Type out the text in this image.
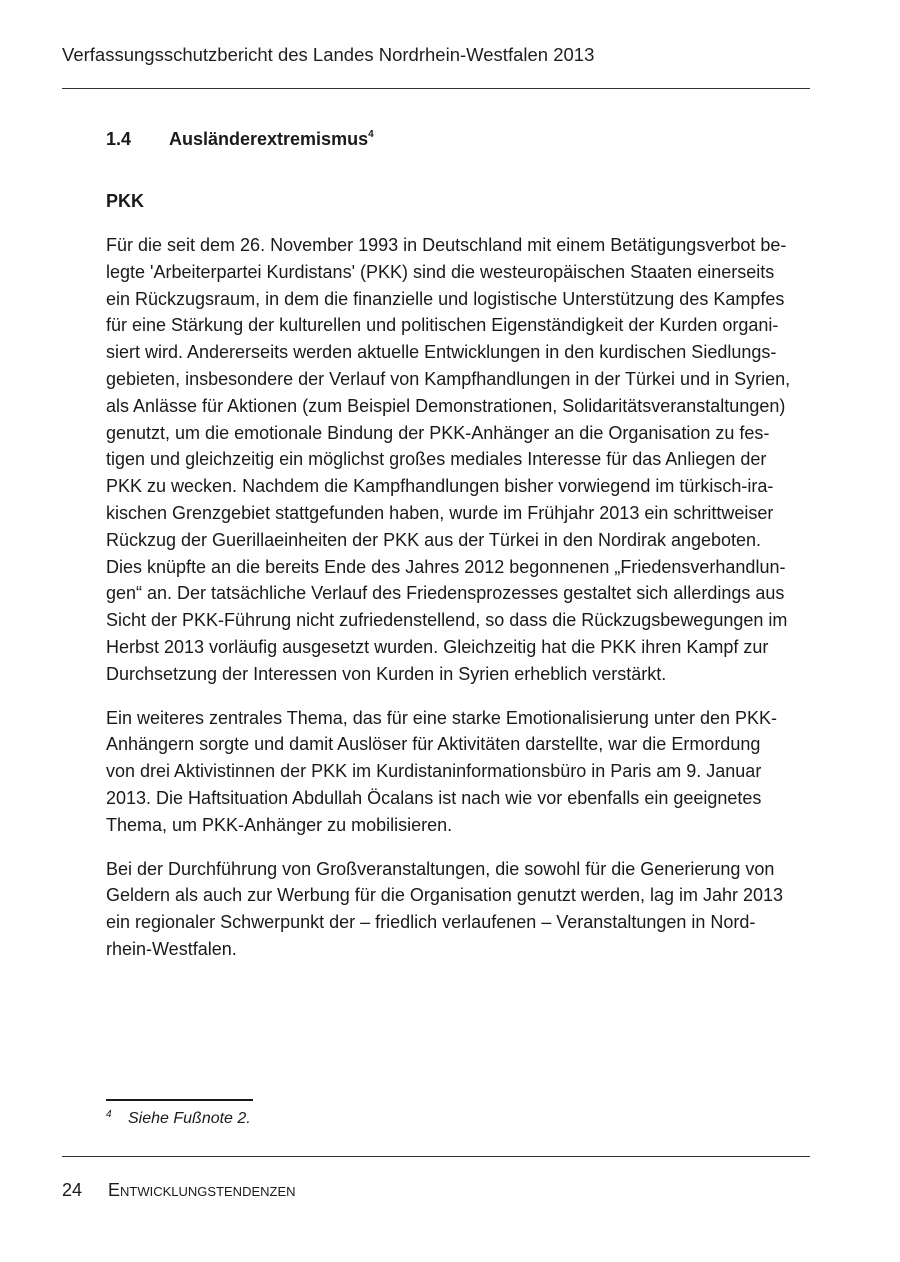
Verfassungsschutzbericht des Landes Nordrhein-Westfalen 2013
1.4 Ausländerextremismus$^4$
PKK

Für die seit dem 26. November 1993 in Deutschland mit einem Betätigungsverbot be-
legte 'Arbeiterpartei Kurdistans' (PKK) sind die westeuropäischen Staaten einerseits
ein Rückzugsraum, in dem die finanzielle und logistische Unterstützung des Kampfes
für eine Stärkung der kulturellen und politischen Eigenständigkeit der Kurden organi-
siert wird. Andererseits werden aktuelle Entwicklungen in den kurdischen Siedlungs-
gebieten, insbesondere der Verlauf von Kampfhandlungen in der Türkei und in Syrien,
als Anlässe für Aktionen (zum Beispiel Demonstrationen, Solidaritätsveranstaltungen)
genutzt, um die emotionale Bindung der PKK-Anhänger an die Organisation zu fes-
tigen und gleichzeitig ein möglichst großes mediales Interesse für das Anliegen der
PKK zu wecken. Nachdem die Kampfhandlungen bisher vorwiegend im türkisch-ira-
kischen Grenzgebiet stattgefunden haben, wurde im Frühjahr 2013 ein schrittweiser
Rückzug der Guerillaeinheiten der PKK aus der Türkei in den Nordirak angeboten.
Dies knüpfte an die bereits Ende des Jahres 2012 begonnenen „Friedensverhandlun-
gen“ an. Der tatsächliche Verlauf des Friedensprozesses gestaltet sich allerdings aus
Sicht der PKK-Führung nicht zufriedenstellend, so dass die Rückzugsbewegungen im
Herbst 2013 vorläufig ausgesetzt wurden. Gleichzeitig hat die PKK ihren Kampf zur
Durchsetzung der Interessen von Kurden in Syrien erheblich verstärkt.

Ein weiteres zentrales Thema, das für eine starke Emotionalisierung unter den PKK-
Anhängern sorgte und damit Auslöser für Aktivitäten darstellte, war die Ermordung
von drei Aktivistinnen der PKK im Kurdistaninformationsbüro in Paris am 9. Januar
2013. Die Haftsituation Abdullah Öcalans ist nach wie vor ebenfalls ein geeignetes
Thema, um PKK-Anhänger zu mobilisieren.

Bei der Durchführung von Großveranstaltungen, die sowohl für die Generierung von
Geldern als auch zur Werbung für die Organisation genutzt werden, lag im Jahr 2013
ein regionaler Schwerpunkt der – friedlich verlaufenen – Veranstaltungen in Nord-
rhein-Westfalen.

4 Siehe Fußnote 2.
24 Entwicklungstendenzen
